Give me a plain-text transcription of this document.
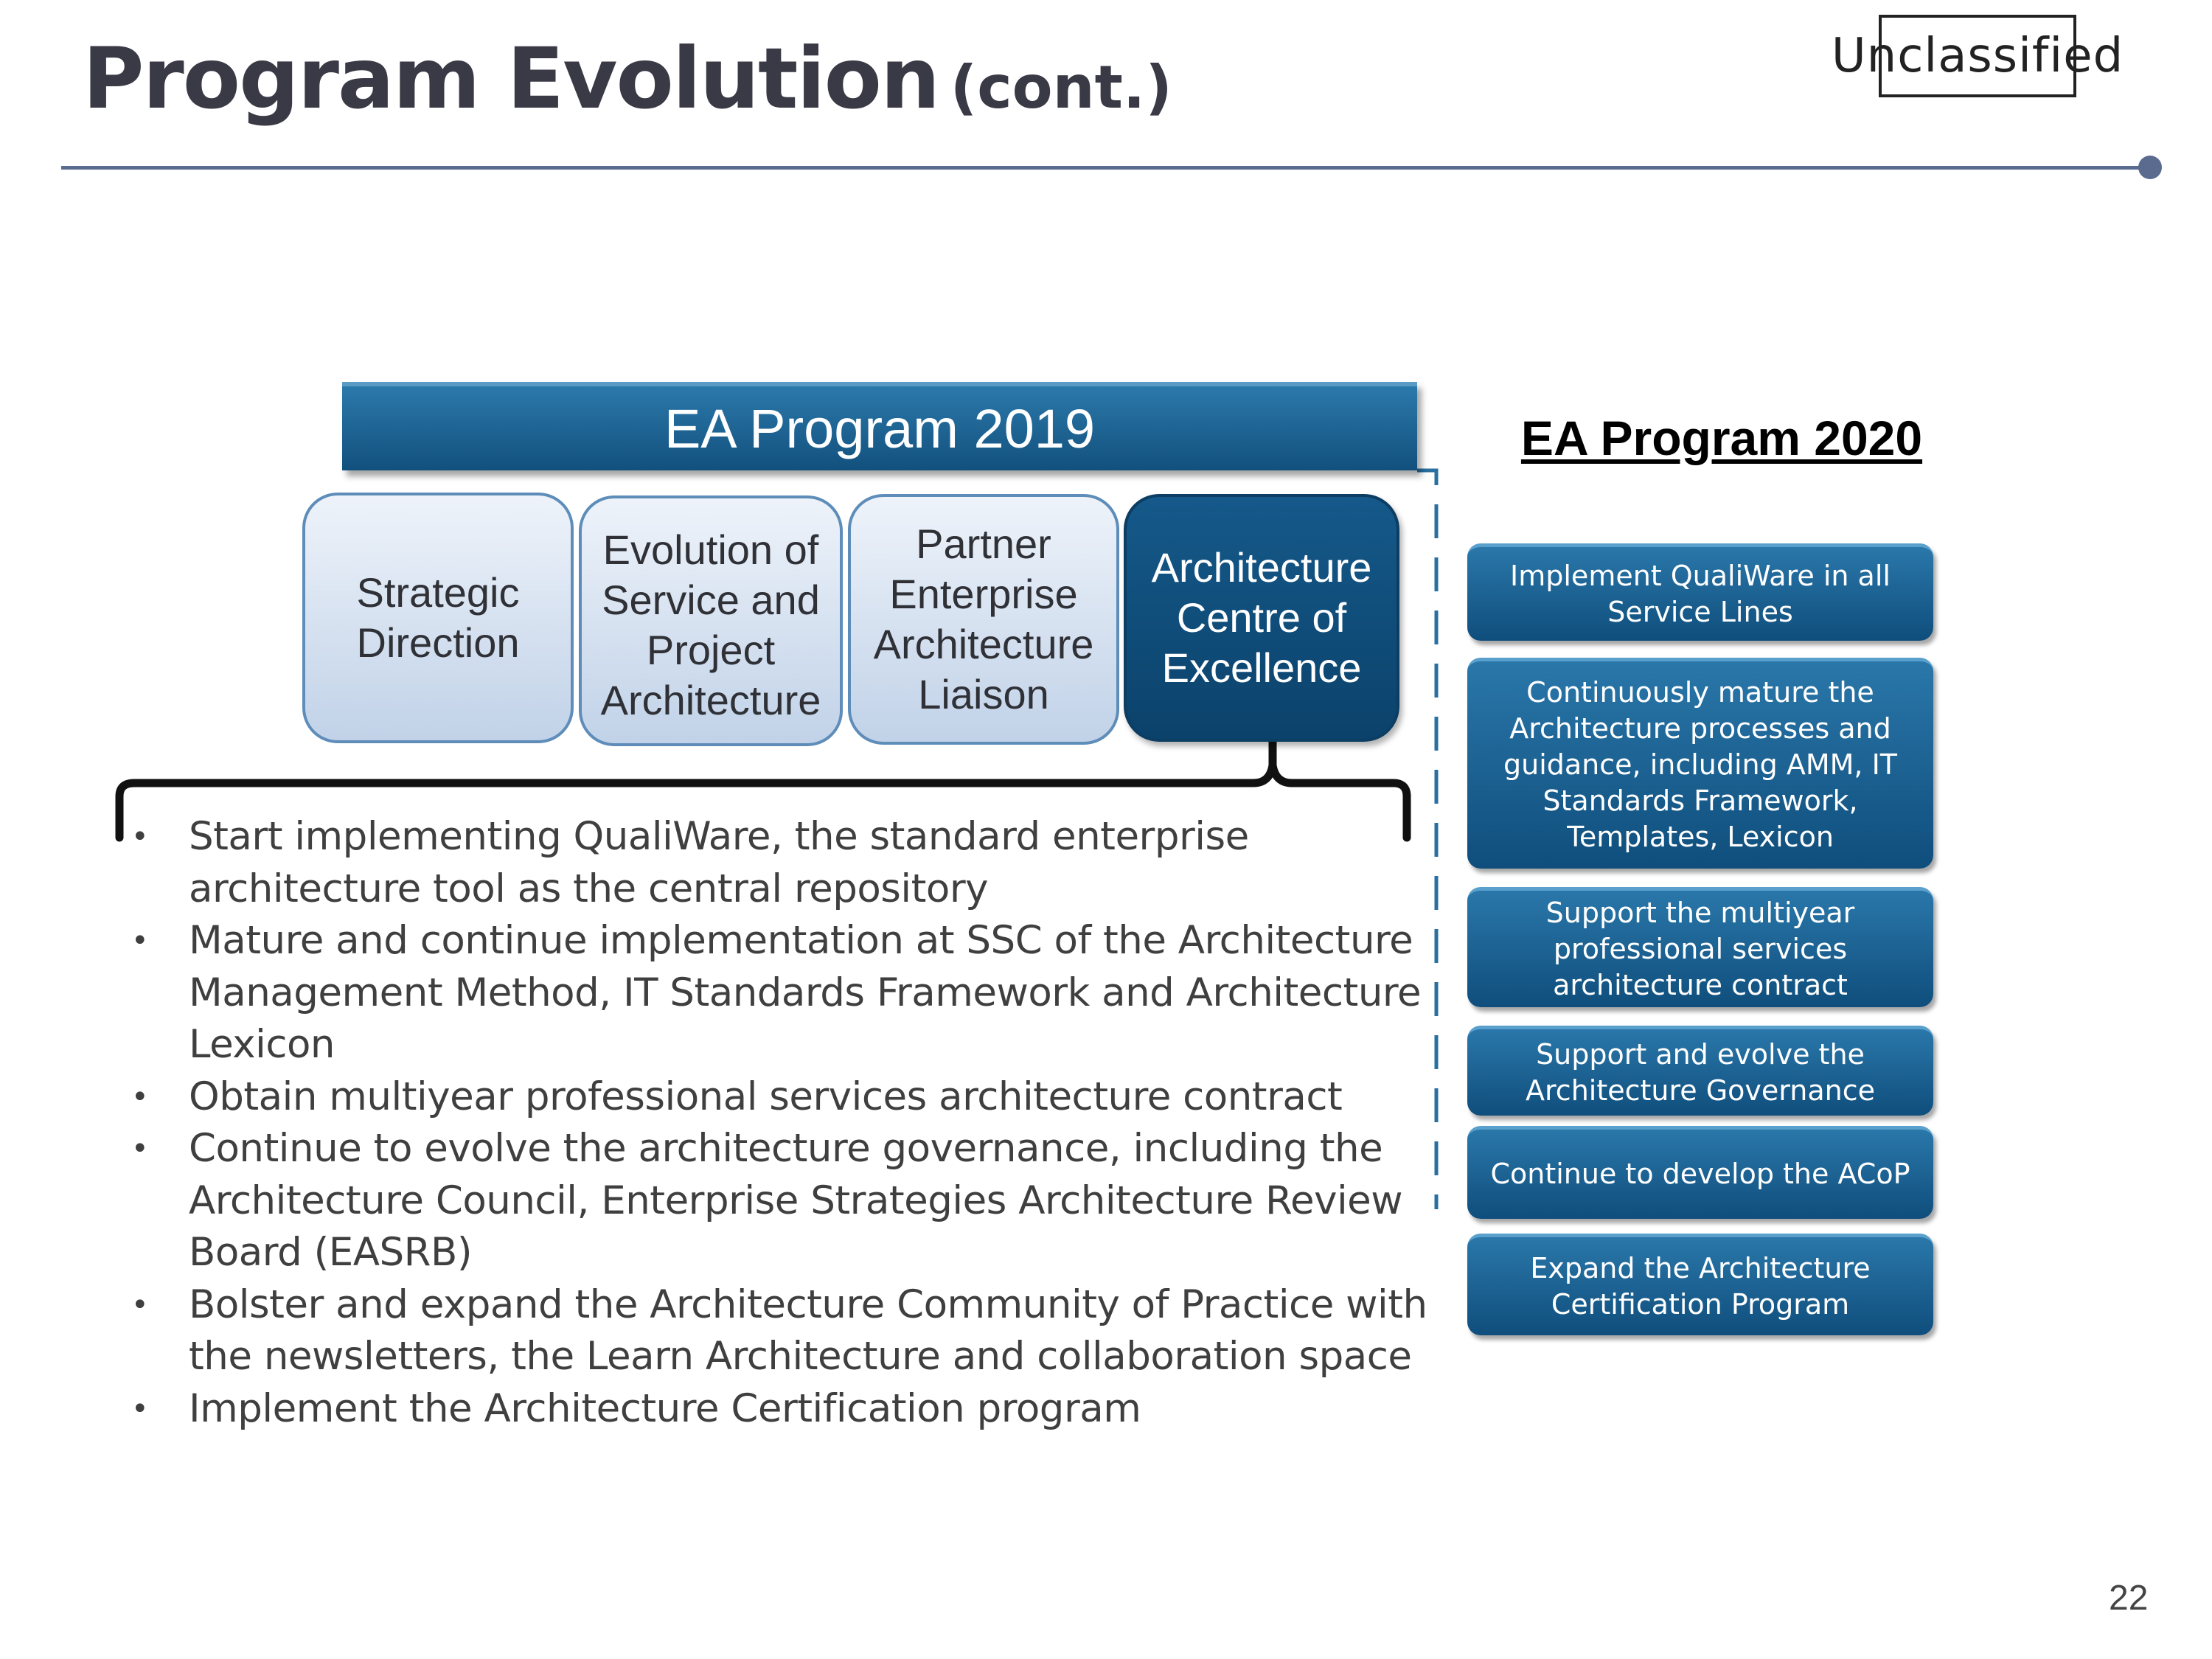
Program Evolution (cont.)	Unclassified
EA Program 2019
Strategic Direction
Evolution of Service and Project Architecture
Partner Enterprise Architecture Liaison
Architecture Centre of Excellence
• Start implementing QualiWare, the standard enterprise architecture tool as the central repository
• Mature and continue implementation at SSC of the Architecture Management Method, IT Standards Framework and Architecture Lexicon
• Obtain multiyear professional services architecture contract
• Continue to evolve the architecture governance, including the Architecture Council, Enterprise Strategies Architecture Review Board (EASRB)
• Bolster and expand the Architecture Community of Practice with the newsletters, the Learn Architecture and collaboration space
• Implement the Architecture Certification program
EA Program 2020
Implement QualiWare in all Service Lines
Continuously mature the Architecture processes and guidance, including AMM, IT Standards Framework, Templates, Lexicon
Support the multiyear professional services architecture contract
Support and evolve the Architecture Governance
Continue to develop the ACoP
Expand the Architecture Certification Program
22
